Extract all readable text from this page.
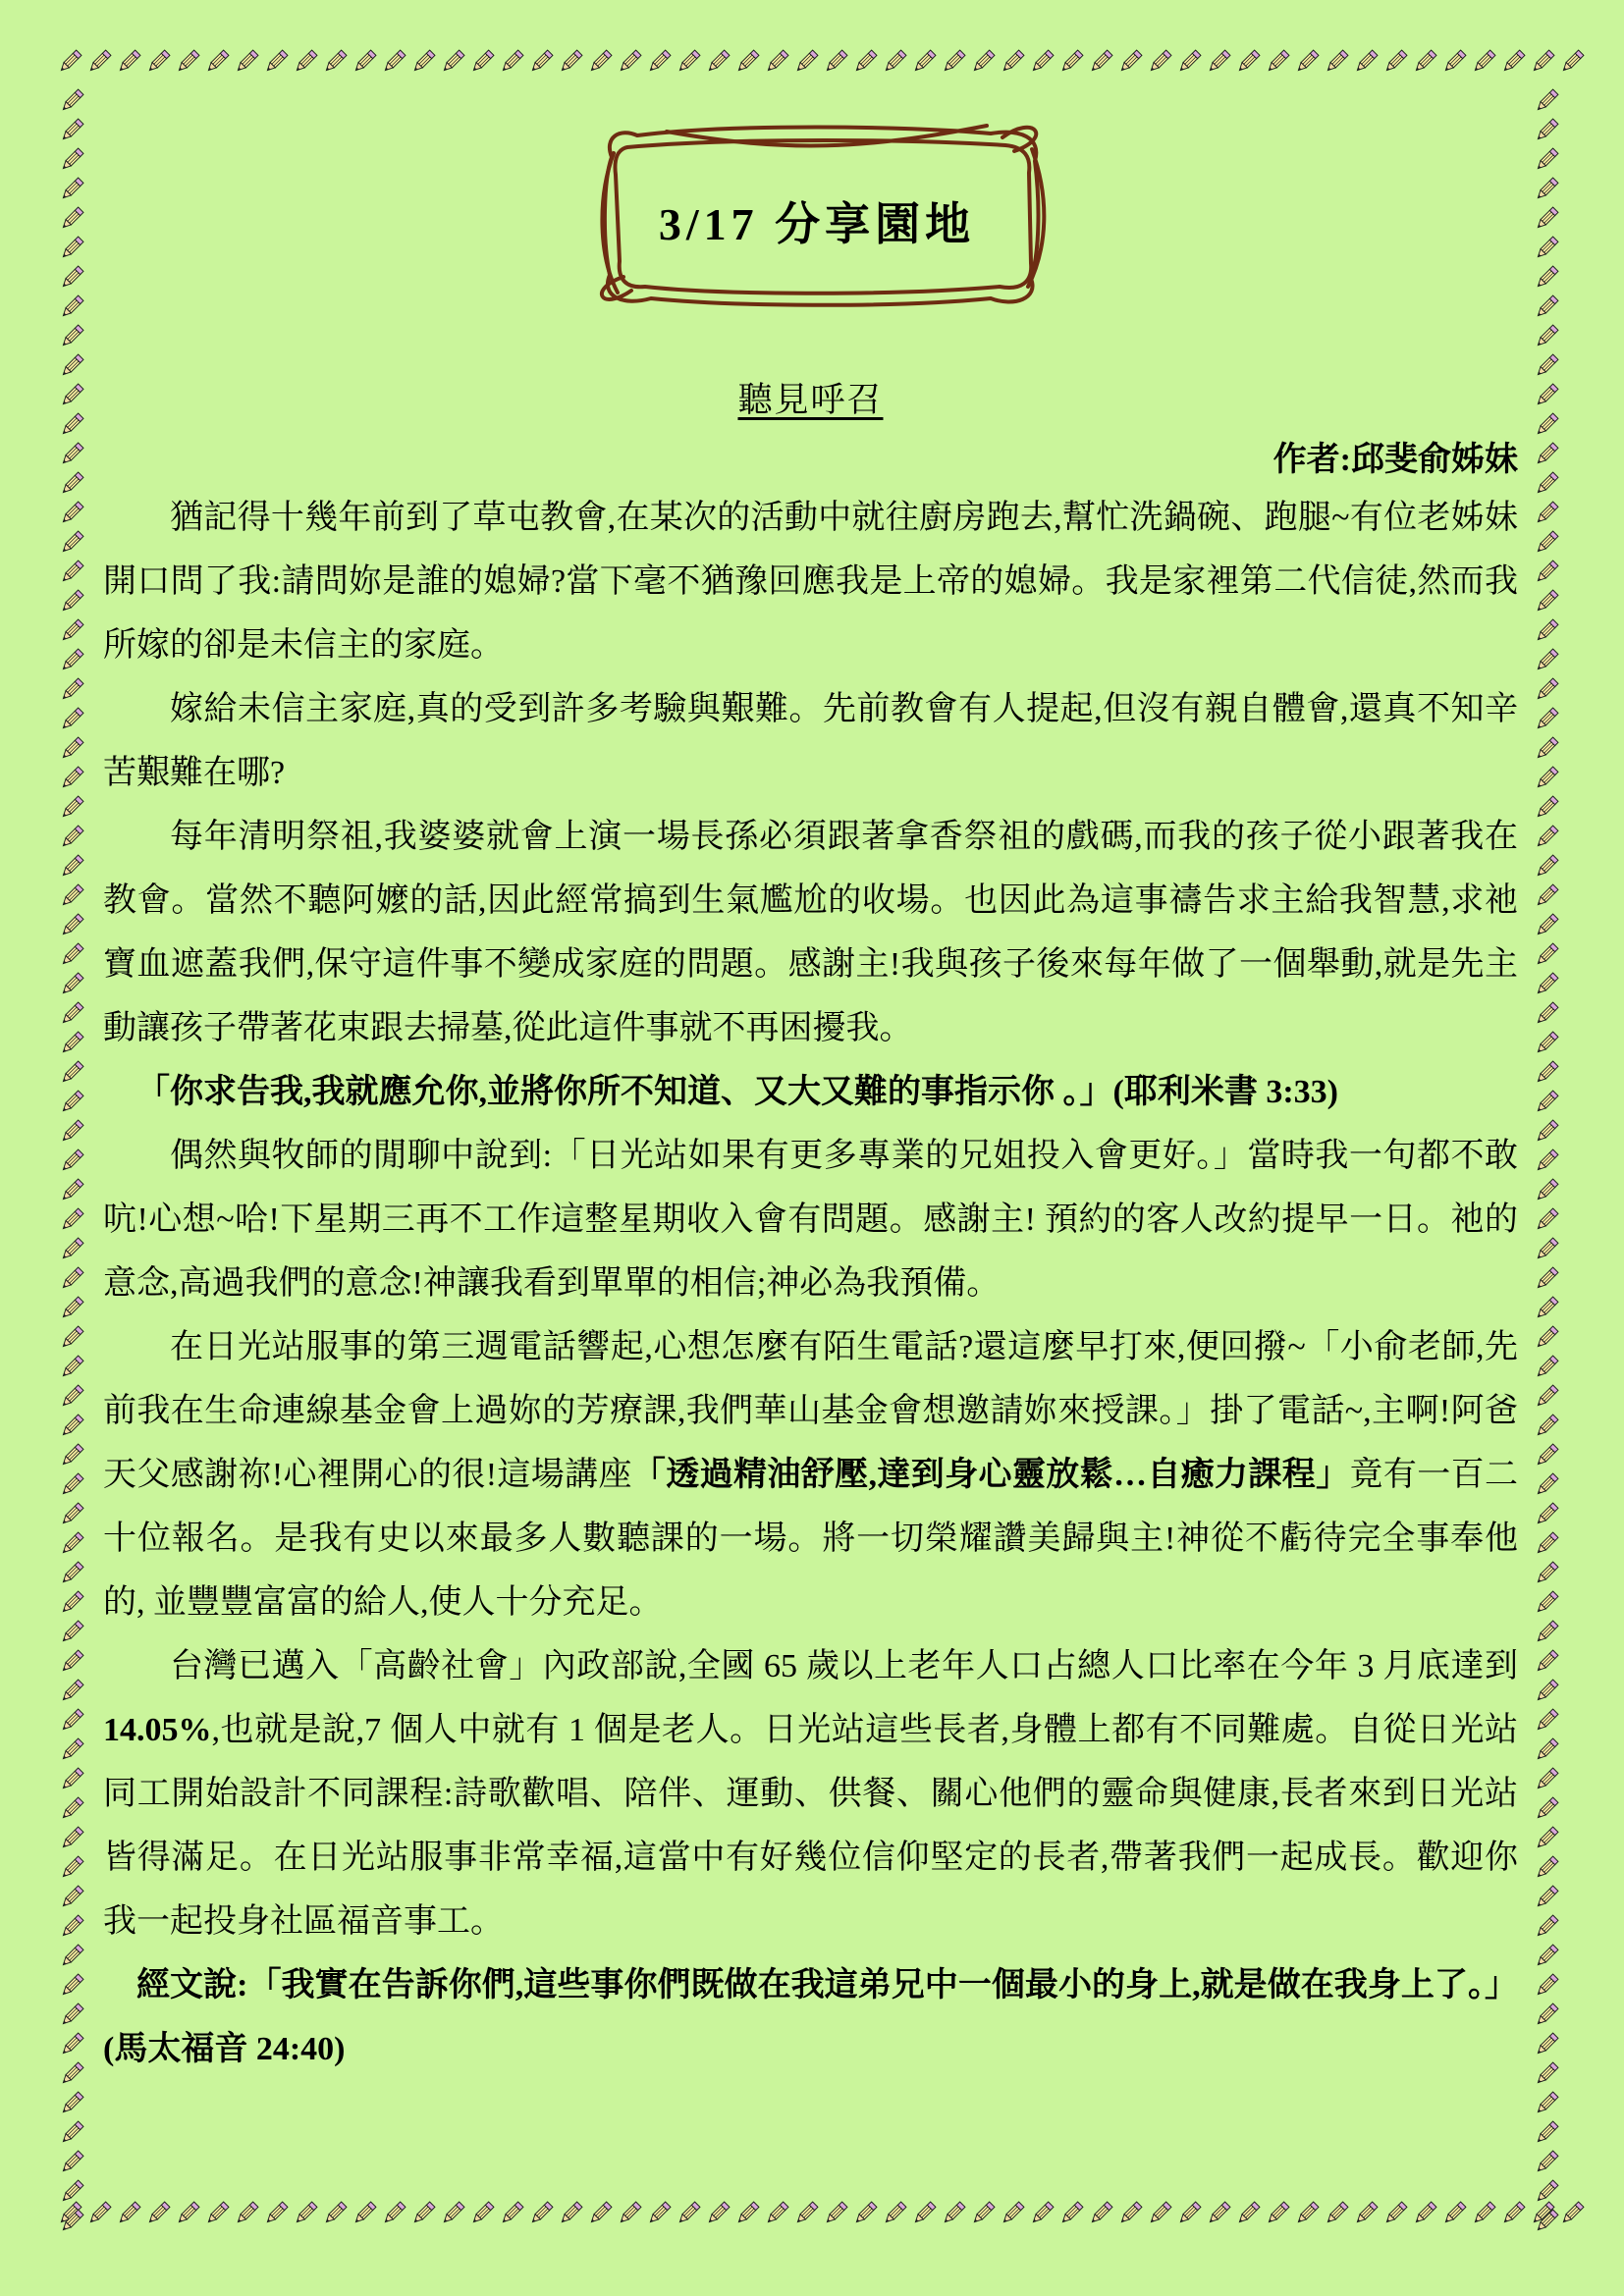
3/17 分享園地
聽見呼召
作者:邱斐俞姊妹

猶記得十幾年前到了草屯教會,在某次的活動中就往廚房跑去,幫忙洗鍋碗、跑腿~有位老姊妹開口問了我:請問妳是誰的媳婦?當下毫不猶豫回應我是上帝的媳婦。我是家裡第二代信徒,然而我所嫁的卻是未信主的家庭。

嫁給未信主家庭,真的受到許多考驗與艱難。先前教會有人提起,但沒有親自體會,還真不知辛苦艱難在哪?

每年清明祭祖,我婆婆就會上演一場長孫必須跟著拿香祭祖的戲碼,而我的孩子從小跟著我在教會。當然不聽阿嬤的話,因此經常搞到生氣尷尬的收場。也因此為這事禱告求主給我智慧,求祂寶血遮蓋我們,保守這件事不變成家庭的問題。感謝主!我與孩子後來每年做了一個舉動,就是先主動讓孩子帶著花束跟去掃墓,從此這件事就不再困擾我。

「你求告我,我就應允你,並將你所不知道、又大又難的事指示你 。」(耶利米書 3:33)

偶然與牧師的閒聊中說到:「日光站如果有更多專業的兄姐投入會更好。」當時我一句都不敢吭!心想~哈!下星期三再不工作這整星期收入會有問題。感謝主! 預約的客人改約提早一日。祂的意念,高過我們的意念!神讓我看到單單的相信;神必為我預備。

在日光站服事的第三週電話響起,心想怎麼有陌生電話?還這麼早打來,便回撥~「小俞老師,先前我在生命連線基金會上過妳的芳療課,我們華山基金會想邀請妳來授課。」掛了電話~,主啊!阿爸天父感謝祢!心裡開心的很!這場講座「透過精油舒壓,達到身心靈放鬆…自癒力課程」竟有一百二十位報名。是我有史以來最多人數聽課的一場。將一切榮耀讚美歸與主!神從不虧待完全事奉他的, 並豐豐富富的給人,使人十分充足。

台灣已邁入「高齡社會」內政部說,全國 65 歲以上老年人口占總人口比率在今年 3 月底達到 14.05%,也就是說,7 個人中就有 1 個是老人。日光站這些長者,身體上都有不同難處。自從日光站同工開始設計不同課程:詩歌歡唱、陪伴、運動、供餐、關心他們的靈命與健康,長者來到日光站皆得滿足。在日光站服事非常幸福,這當中有好幾位信仰堅定的長者,帶著我們一起成長。歡迎你我一起投身社區福音事工。

經文說:「我實在告訴你們,這些事你們既做在我這弟兄中一個最小的身上,就是做在我身上了。」(馬太福音 24:40)
